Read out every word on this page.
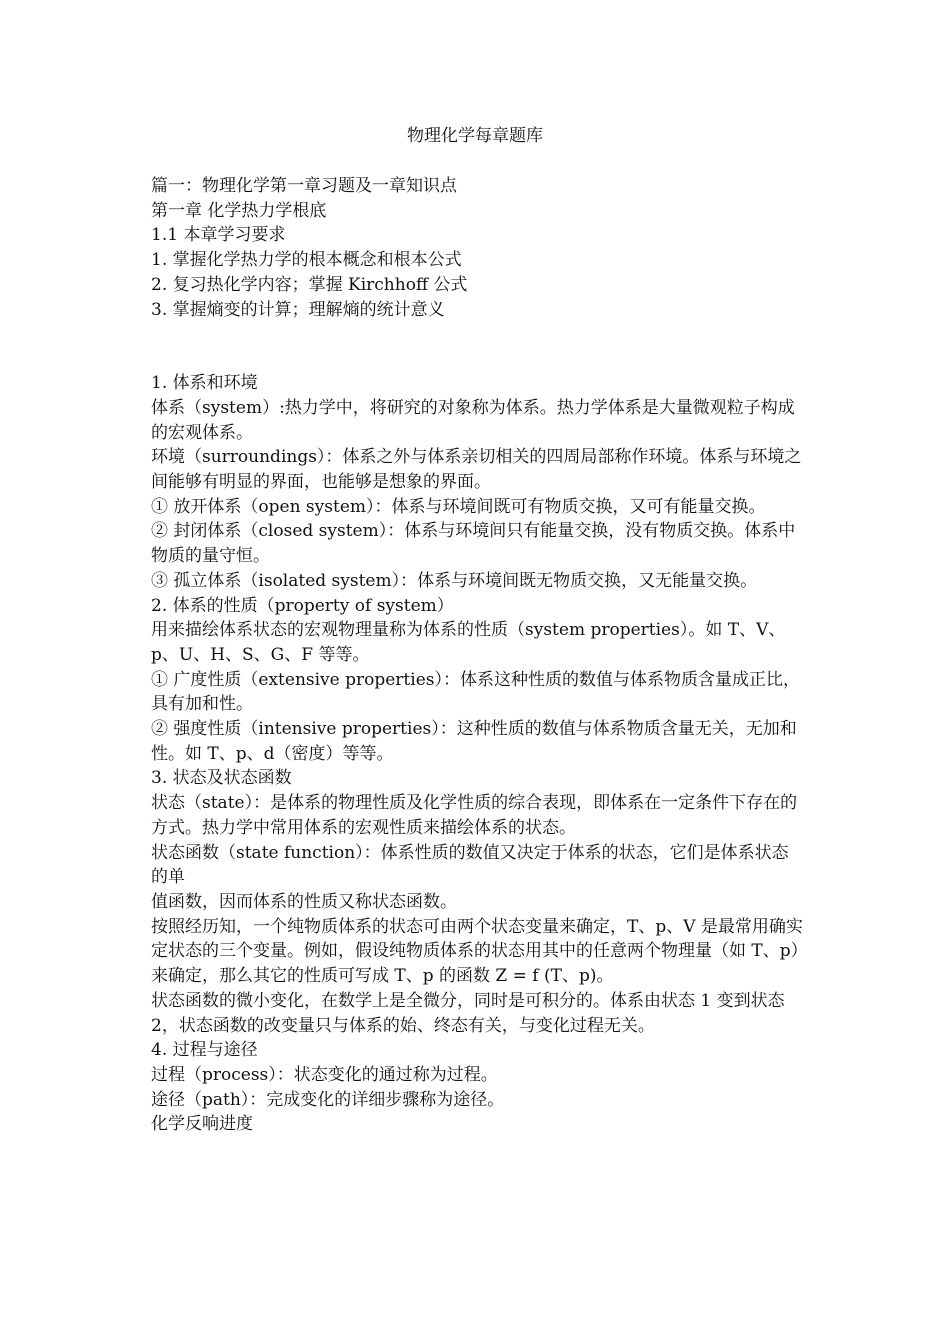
物理化学每章题库

篇一：物理化学第一章习题及一章知识点

第一章 化学热力学根底

1.1 本章学习要求

1. 掌握化学热力学的根本概念和根本公式

2. 复习热化学内容；掌握 Kirchhoff 公式

3. 掌握熵变的计算；理解熵的统计意义

1. 体系和环境

体系（system）:热力学中，将研究的对象称为体系。热力学体系是大量微观粒子构成的宏观体系。

环境（surroundings）：体系之外与体系亲切相关的四周局部称作环境。体系与环境之间能够有明显的界面，也能够是想象的界面。

① 放开体系（open system）：体系与环境间既可有物质交换，又可有能量交换。

② 封闭体系（closed system）：体系与环境间只有能量交换，没有物质交换。体系中物质的量守恒。

③ 孤立体系（isolated system）：体系与环境间既无物质交换，又无能量交换。

2. 体系的性质（property of system）

用来描绘体系状态的宏观物理量称为体系的性质（system properties）。如 T、V、p、U、H、S、G、F 等等。

① 广度性质（extensive properties）：体系这种性质的数值与体系物质含量成正比，具有加和性。

② 强度性质（intensive properties）：这种性质的数值与体系物质含量无关，无加和性。如 T、p、d（密度）等等。

3. 状态及状态函数

状态（state）：是体系的物理性质及化学性质的综合表现，即体系在一定条件下存在的方式。热力学中常用体系的宏观性质来描绘体系的状态。

状态函数（state function）：体系性质的数值又决定于体系的状态，它们是体系状态的单

值函数，因而体系的性质又称状态函数。

按照经历知，一个纯物质体系的状态可由两个状态变量来确定，T、p、V 是最常用确实定状态的三个变量。例如，假设纯物质体系的状态用其中的任意两个物理量（如 T、p）来确定，那么其它的性质可写成 T、p 的函数 Z = f (T、p)。

状态函数的微小变化，在数学上是全微分，同时是可积分的。体系由状态 1 变到状态 2，状态函数的改变量只与体系的始、终态有关，与变化过程无关。

4. 过程与途径

过程（process）：状态变化的通过称为过程。

途径（path）：完成变化的详细步骤称为途径。

化学反响进度
